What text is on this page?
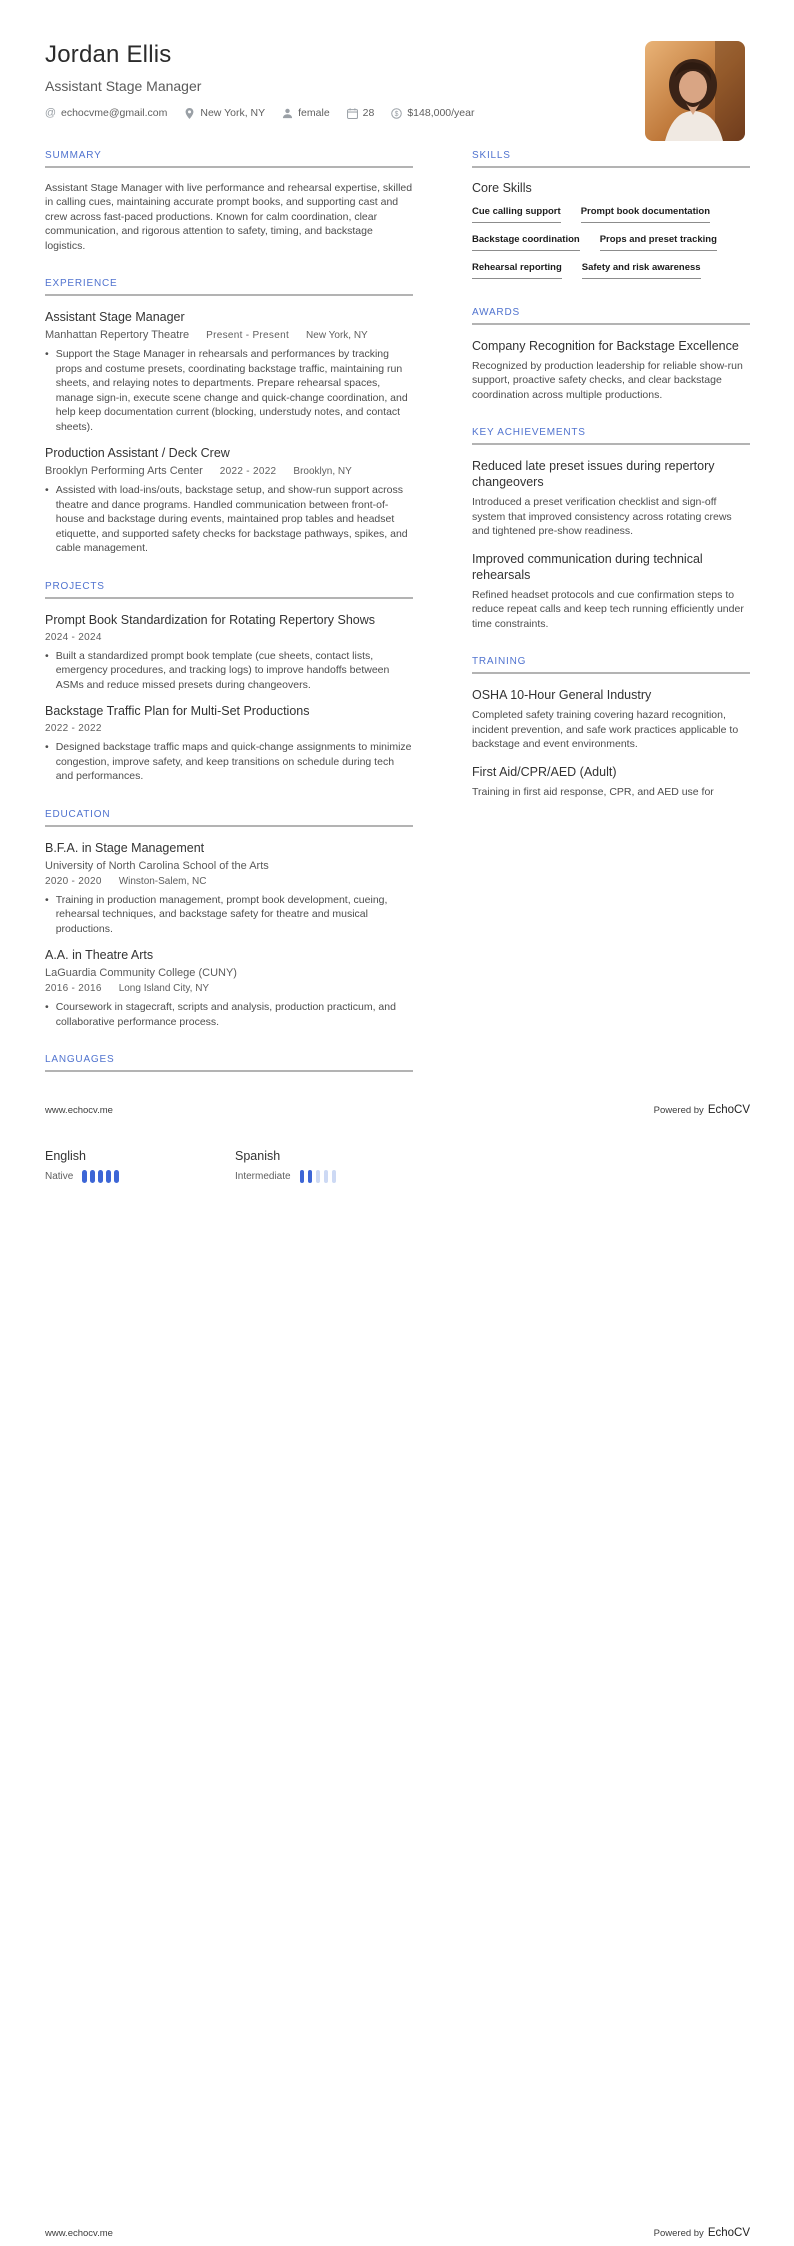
Jordan Ellis
Assistant Stage Manager
@ echocvme@gmail.com	New York, NY	female	28	$ $148,000/year
SUMMARY
Assistant Stage Manager with live performance and rehearsal expertise, skilled in calling cues, maintaining accurate prompt books, and supporting cast and crew across fast-paced productions. Known for calm coordination, clear communication, and rigorous attention to safety, timing, and backstage logistics.
EXPERIENCE
Assistant Stage Manager
Manhattan Repertory Theatre Present - Present New York, NY
• Support the Stage Manager in rehearsals and performances by tracking props and costume presets, coordinating backstage traffic, maintaining run sheets, and relaying notes to departments. Prepare rehearsal spaces, manage sign-in, execute scene change and quick-change coordination, and help keep documentation current (blocking, understudy notes, and contact sheets).
Production Assistant / Deck Crew
Brooklyn Performing Arts Center 2022 - 2022 Brooklyn, NY
• Assisted with load-ins/outs, backstage setup, and show-run support across theatre and dance programs. Handled communication between front-of-house and backstage during events, maintained prop tables and headset etiquette, and supported safety checks for backstage pathways, spikes, and cable management.
PROJECTS
Prompt Book Standardization for Rotating Repertory Shows
2024 - 2024
• Built a standardized prompt book template (cue sheets, contact lists, emergency procedures, and tracking logs) to improve handoffs between ASMs and reduce missed presets during changeovers.
Backstage Traffic Plan for Multi-Set Productions
2022 - 2022
• Designed backstage traffic maps and quick-change assignments to minimize congestion, improve safety, and keep transitions on schedule during tech and performances.
EDUCATION
B.F.A. in Stage Management
University of North Carolina School of the Arts
2020 - 2020 Winston-Salem, NC
• Training in production management, prompt book development, cueing, rehearsal techniques, and backstage safety for theatre and musical productions.
A.A. in Theatre Arts
LaGuardia Community College (CUNY)
2016 - 2016 Long Island City, NY
• Coursework in stagecraft, scripts and analysis, production practicum, and collaborative performance process.
LANGUAGES
SKILLS
Core Skills
Cue calling support Prompt book documentation
Backstage coordination Props and preset tracking
Rehearsal reporting Safety and risk awareness
AWARDS
Company Recognition for Backstage Excellence
Recognized by production leadership for reliable show-run support, proactive safety checks, and clear backstage coordination across multiple productions.
KEY ACHIEVEMENTS
Reduced late preset issues during repertory changeovers
Introduced a preset verification checklist and sign-off system that improved consistency across rotating crews and tightened pre-show readiness.
Improved communication during technical rehearsals
Refined headset protocols and cue confirmation steps to reduce repeat calls and keep tech running efficiently under time constraints.
TRAINING
OSHA 10-Hour General Industry
Completed safety training covering hazard recognition, incident prevention, and safe work practices applicable to backstage and event environments.
First Aid/CPR/AED (Adult)
Training in first aid response, CPR, and AED use for
www.echocv.me	Powered by EchoCV
English
Native
Spanish
Intermediate
www.echocv.me	Powered by EchoCV
